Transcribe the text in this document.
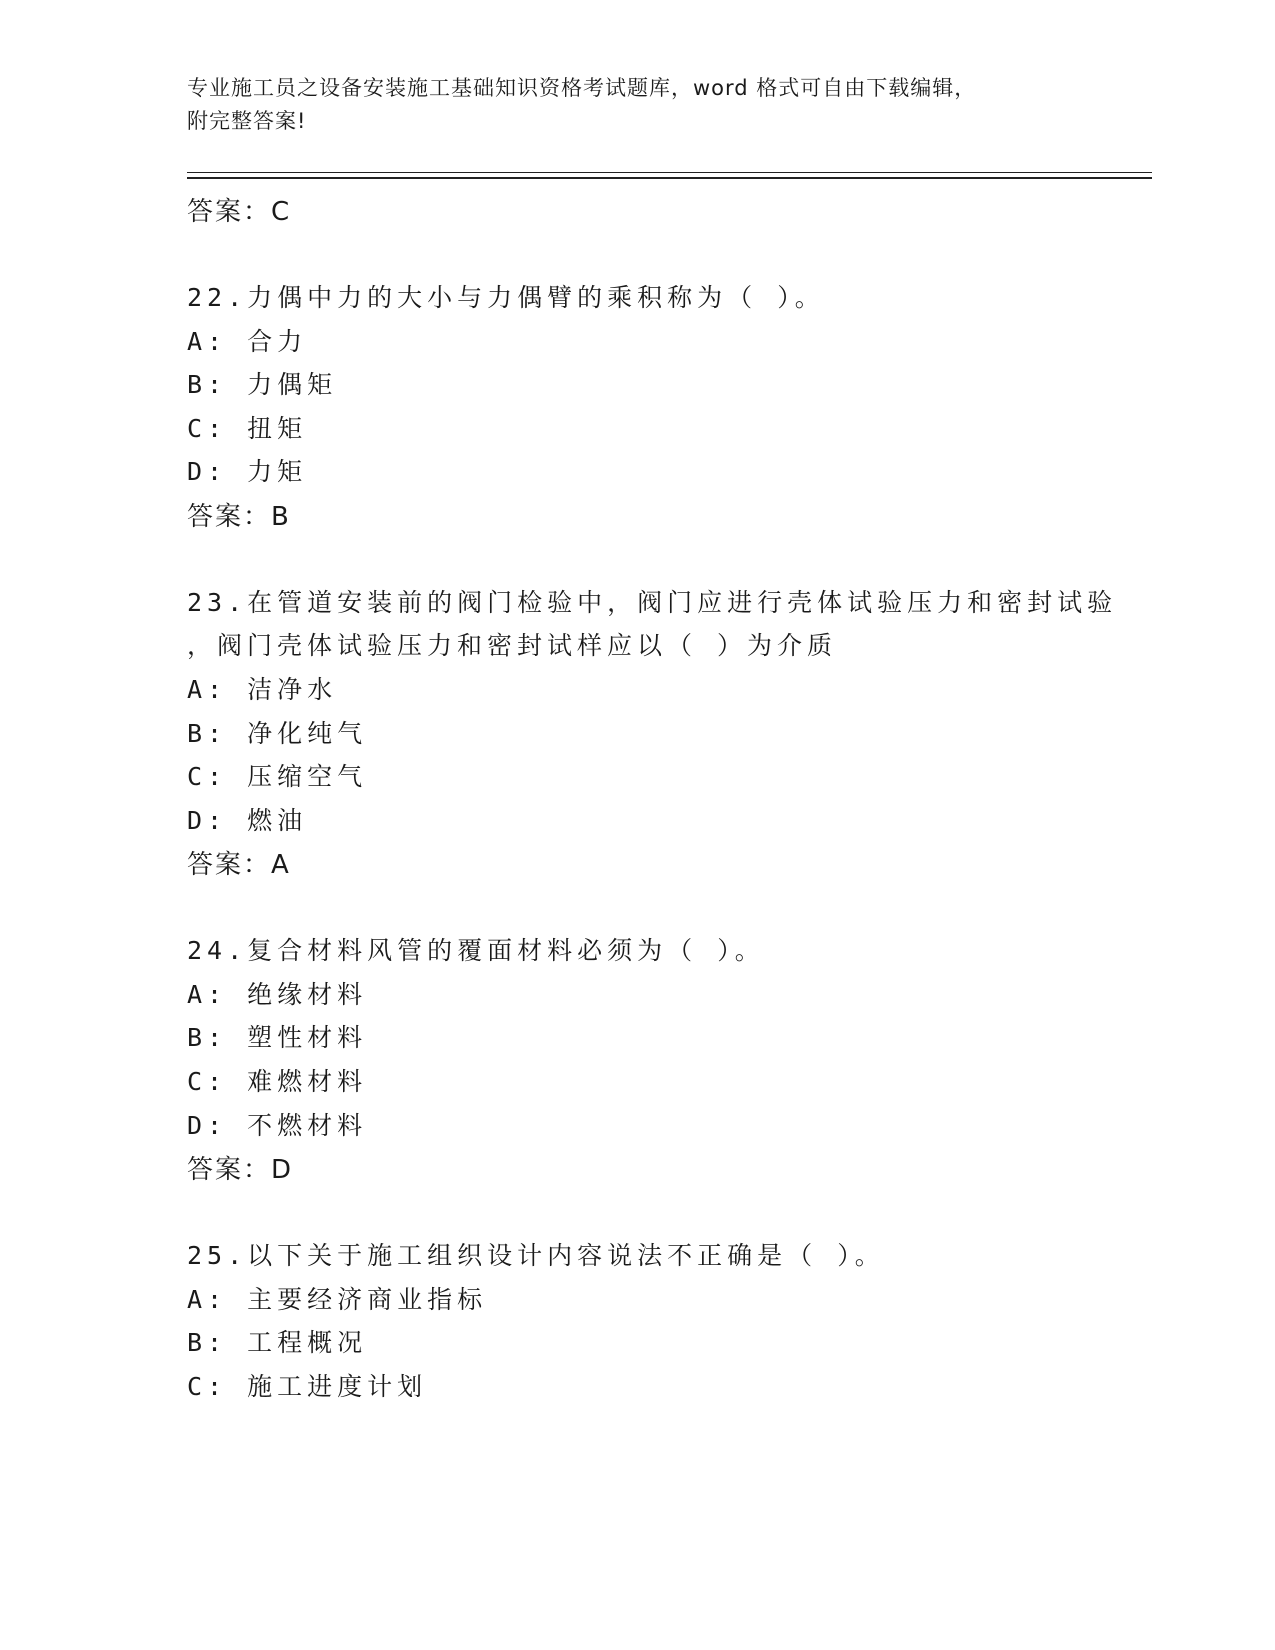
专业施工员之设备安装施工基础知识资格考试题库，word 格式可自由下载编辑，
附完整答案!
答案：C
22.力偶中力的大小与力偶臂的乘积称为（ ）。
A: 合力
B: 力偶矩
C: 扭矩
D: 力矩
答案：B
23.在管道安装前的阀门检验中，阀门应进行壳体试验压力和密封试验
，阀门壳体试验压力和密封试样应以（ ）为介质
A: 洁净水
B: 净化纯气
C: 压缩空气
D: 燃油
答案：A
24.复合材料风管的覆面材料必须为（ ）。
A: 绝缘材料
B: 塑性材料
C: 难燃材料
D: 不燃材料
答案：D
25.以下关于施工组织设计内容说法不正确是（ ）。
A: 主要经济商业指标
B: 工程概况
C: 施工进度计划
